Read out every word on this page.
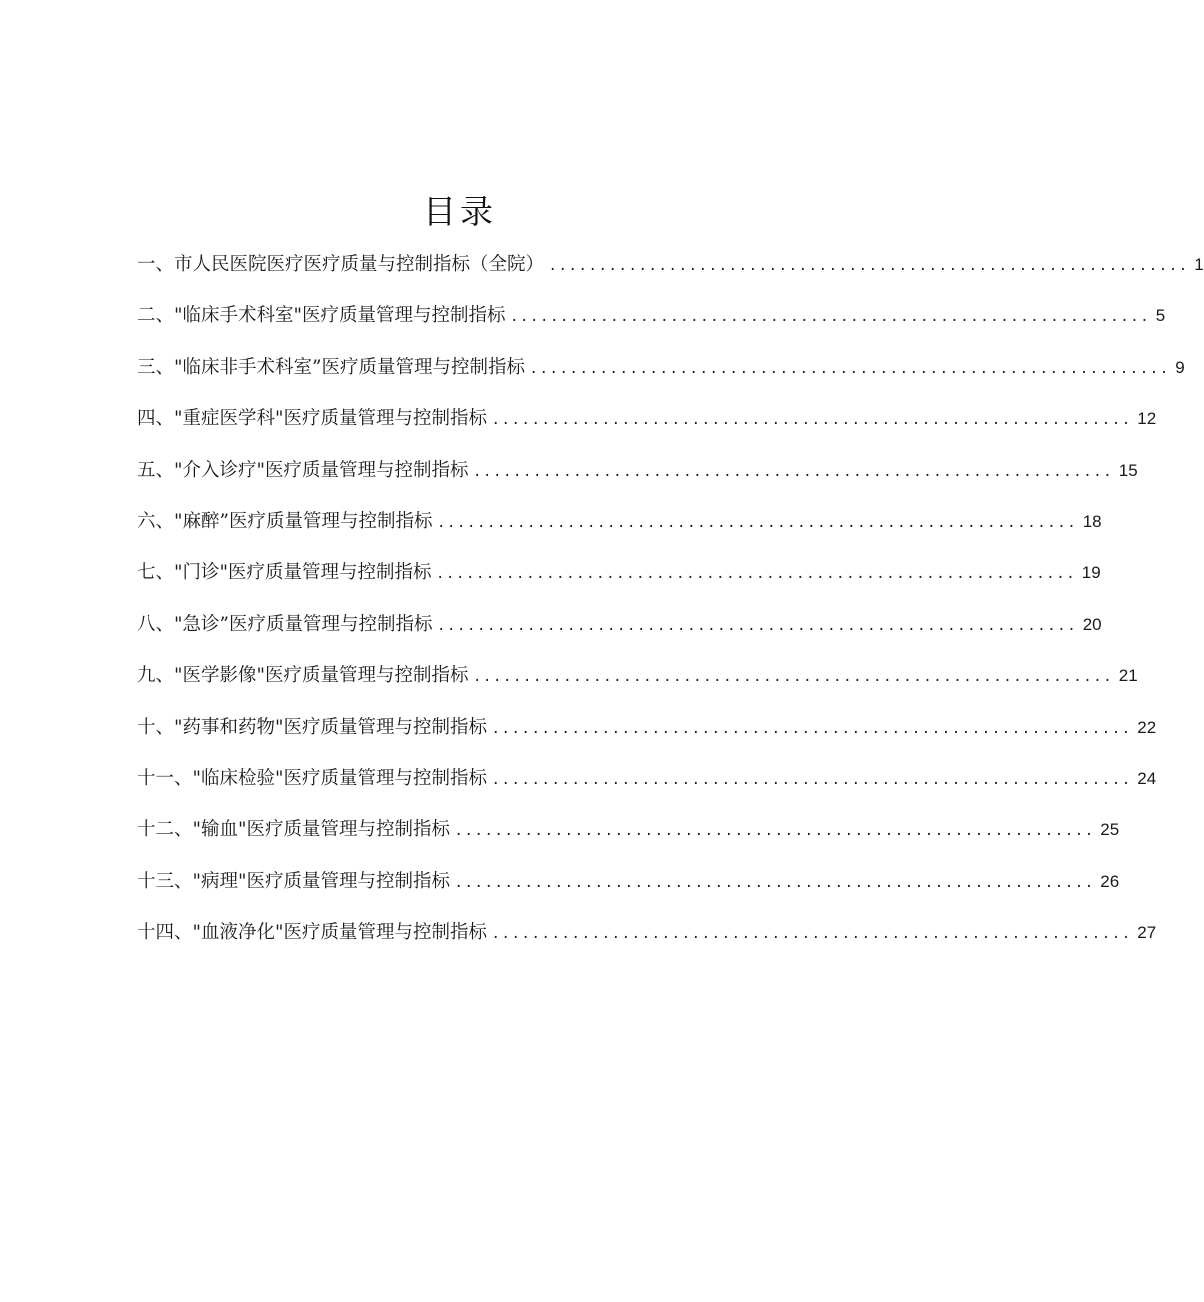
目录
一、市人民医院医疗医疗质量与控制指标（全院） ................................................................ 1
二、"临床手术科室"医疗质量管理与控制指标 ................................................................ 5
三、"临床非手术科室”医疗质量管理与控制指标 ................................................................ 9
四、"重症医学科"医疗质量管理与控制指标 ................................................................ 12
五、"介入诊疗"医疗质量管理与控制指标 ................................................................ 15
六、"麻醉”医疗质量管理与控制指标 ................................................................ 18
七、"门诊"医疗质量管理与控制指标 ................................................................ 19
八、"急诊”医疗质量管理与控制指标 ................................................................ 20
九、"医学影像"医疗质量管理与控制指标 ................................................................ 21
十、"药事和药物"医疗质量管理与控制指标 ................................................................ 22
十一、"临床检验"医疗质量管理与控制指标 ................................................................ 24
十二、"输血"医疗质量管理与控制指标 ................................................................ 25
十三、"病理"医疗质量管理与控制指标 ................................................................ 26
十四、"血液净化"医疗质量管理与控制指标 ................................................................ 27
